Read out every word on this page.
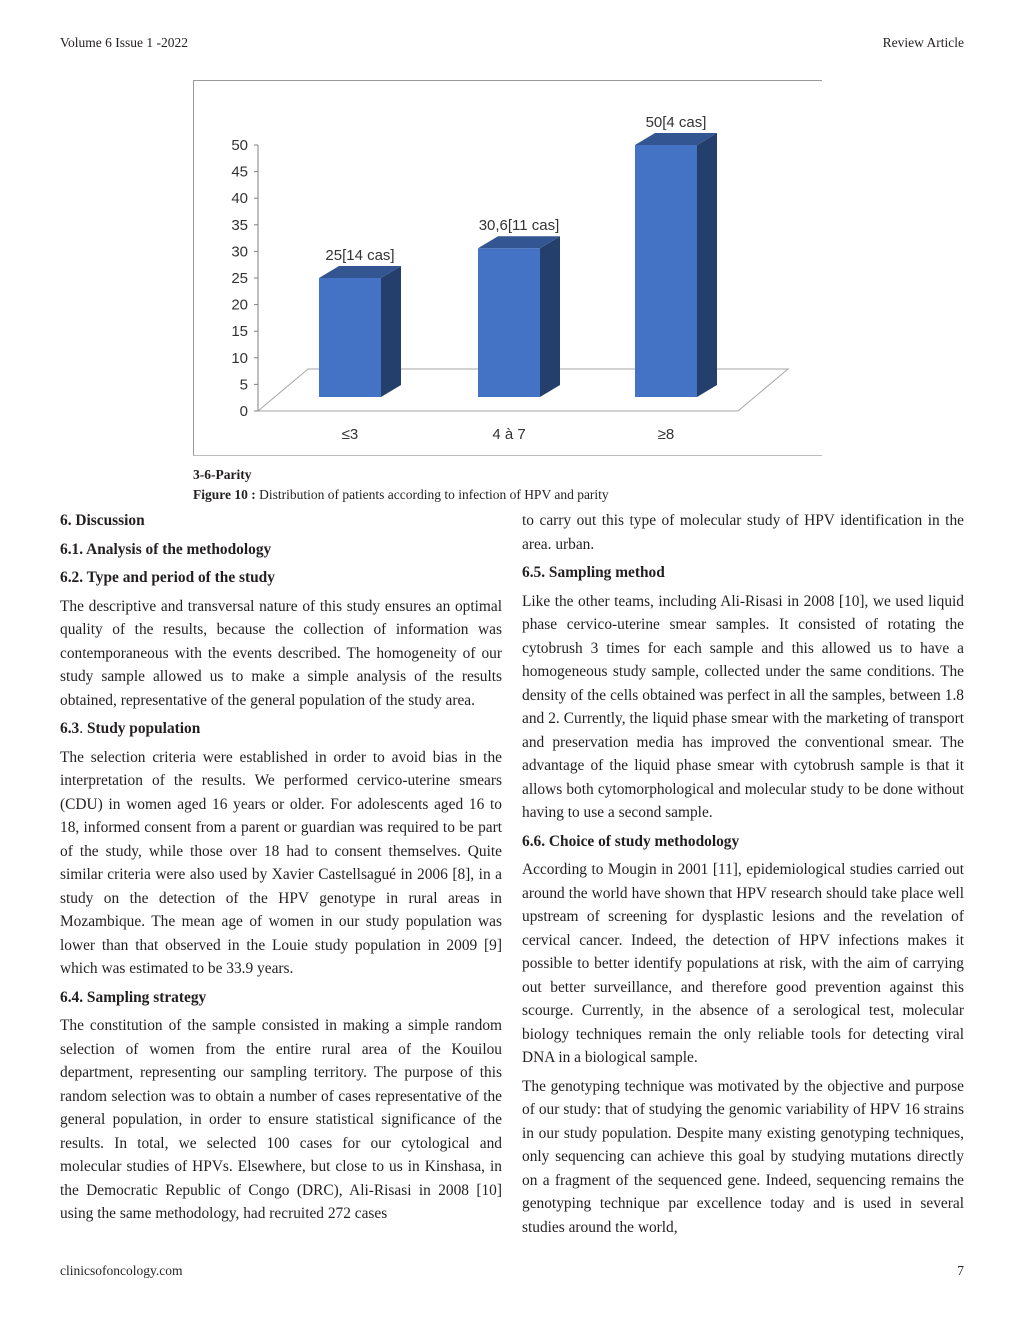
Volume 6 Issue 1 -2022	Review Article
0
5
10
15
20
25
30
35
40
45
50
25[14 cas]
≤3
30,6[11 cas]
4 à 7
50[4 cas]
≥8
3-6-Parity
Figure 10 : Distribution of patients according to infection of HPV and parity
6. Discussion
6.1. Analysis of the methodology
6.2. Type and period of the study

The descriptive and transversal nature of this study ensures an optimal quality of the results, because the collection of information was contemporaneous with the events described. The homogeneity of our study sample allowed us to make a simple analysis of the results obtained, representative of the general population of the study area.

6.3. Study population

The selection criteria were established in order to avoid bias in the interpretation of the results. We performed cervico-uterine smears (CDU) in women aged 16 years or older. For adolescents aged 16 to 18, informed consent from a parent or guardian was required to be part of the study, while those over 18 had to consent themselves. Quite similar criteria were also used by Xavier Castellsagué in 2006 [8], in a study on the detection of the HPV genotype in rural areas in Mozambique. The mean age of women in our study population was lower than that observed in the Louie study population in 2009 [9] which was estimated to be 33.9 years.

6.4. Sampling strategy

The constitution of the sample consisted in making a simple random selection of women from the entire rural area of the Kouilou department, representing our sampling territory. The purpose of this random selection was to obtain a number of cases representative of the general population, in order to ensure statistical significance of the results. In total, we selected 100 cases for our cytological and molecular studies of HPVs. Elsewhere, but close to us in Kinshasa, in the Democratic Republic of Congo (DRC), Ali-Risasi in 2008 [10] using the same methodology, had recruited 272 cases

to carry out this type of molecular study of HPV identification in the area. urban.

6.5. Sampling method

Like the other teams, including Ali-Risasi in 2008 [10], we used liquid phase cervico-uterine smear samples. It consisted of rotating the cytobrush 3 times for each sample and this allowed us to have a homogeneous study sample, collected under the same conditions. The density of the cells obtained was perfect in all the samples, between 1.8 and 2. Currently, the liquid phase smear with the marketing of transport and preservation media has improved the conventional smear. The advantage of the liquid phase smear with cytobrush sample is that it allows both cytomorphological and molecular study to be done without having to use a second sample.

6.6. Choice of study methodology

According to Mougin in 2001 [11], epidemiological studies carried out around the world have shown that HPV research should take place well upstream of screening for dysplastic lesions and the revelation of cervical cancer. Indeed, the detection of HPV infections makes it possible to better identify populations at risk, with the aim of carrying out better surveillance, and therefore good prevention against this scourge. Currently, in the absence of a serological test, molecular biology techniques remain the only reliable tools for detecting viral DNA in a biological sample.

The genotyping technique was motivated by the objective and purpose of our study: that of studying the genomic variability of HPV 16 strains in our study population. Despite many existing genotyping techniques, only sequencing can achieve this goal by studying mutations directly on a fragment of the sequenced gene. Indeed, sequencing remains the genotyping technique par excellence today and is used in several studies around the world,

clinicsofoncology.com	7
